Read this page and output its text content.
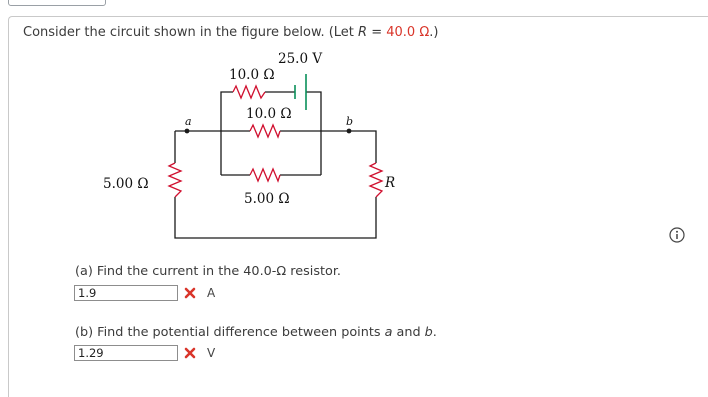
Consider the circuit shown in the figure below. (Let R = 40.0 Ω.)
25.0 V
10.0 Ω
10.0 Ω
5.00 Ω
5.00 Ω	R
a	b
(a) Find the current in the 40.0-Ω resistor.
1.9
A
(b) Find the potential difference between points a and b.
1.29
V
